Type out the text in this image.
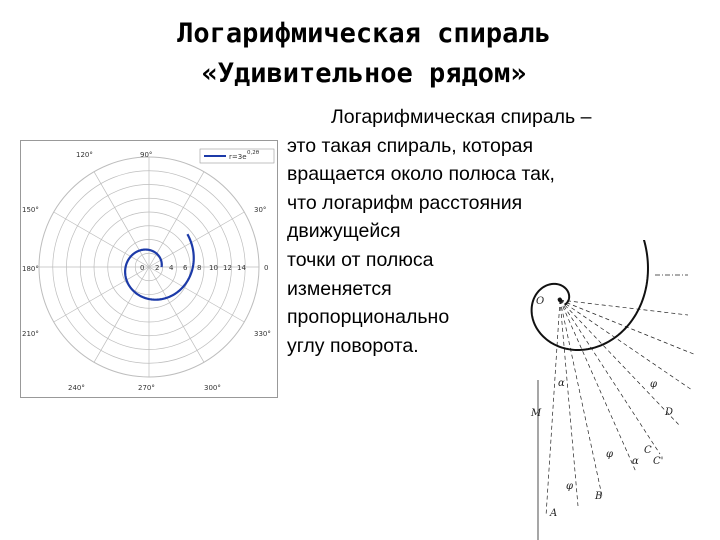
Логарифмическая спираль
«Удивительное рядом»
Логарифмическая спираль –
это такая спираль, которая
вращается около полюса так,
что логарифм расстояния
движущейся
точки от полюса
изменяется
пропорционально
углу поворота.
120°	90°
150°	30°
180°	0
210°	330°
240°	270°	300°
0 2 4 6 8 10 12 14
r=3e 0,2θ
O
M
A
B
C
C'
D
α
α
φ
φ
φ
